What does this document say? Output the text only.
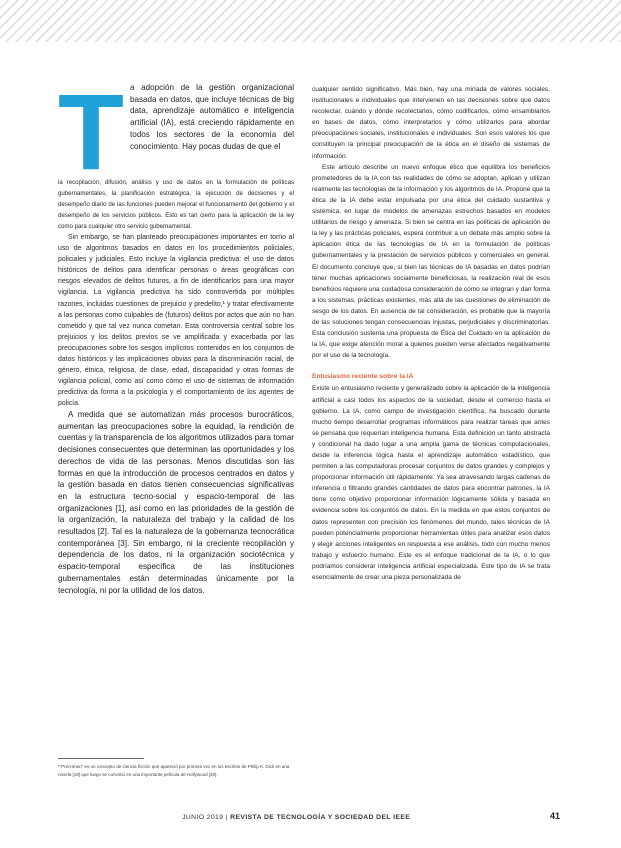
T a adopción de la gestión organizacional basada en datos, que incluye técnicas de big data, aprendizaje automático e inteligencia artificial (IA), está creciendo rápidamente en todos los sectores de la economía del conocimiento. Hay pocas dudas de que el

la recopilación, difusión, análisis y uso de datos en la formulación de políticas gubernamentales, la planificación estratégica, la ejecución de decisiones y el desempeño diario de las funciones pueden mejorar el funcionamiento del gobierno y el desempeño de los servicios públicos. Esto es tan cierto para la aplicación de la ley como para cualquier otro servicio gubernamental.

Sin embargo, se han planteado preocupaciones importantes en torno al uso de algoritmos basados en datos en los procedimientos policiales, policiales y judiciales. Esto incluye la vigilancia predictiva: el uso de datos históricos de delitos para identificar personas o áreas geográficas con riesgos elevados de delitos futuros, a fin de identificarlos para una mayor vigilancia. La vigilancia predictiva ha sido controvertida por múltiples razones, incluidas cuestiones de prejuicio y predelito,¹ y tratar efectivamente a las personas como culpables de (futuros) delitos por actos que aún no han cometido y que tal vez nunca cometan. Esta controversia central sobre los prejuicios y los delitos previos se ve amplificada y exacerbada por las preocupaciones sobre los sesgos implícitos contenidos en los conjuntos de datos históricos y las implicaciones obvias para la discriminación racial, de género, étnica, religiosa, de clase, edad, discapacidad y otras formas de vigilancia policial, como así como cómo el uso de sistemas de información predictiva da forma a la psicología y el comportamiento de los agentes de policía.

A medida que se automatizan más procesos burocráticos, aumentan las preocupaciones sobre la equidad, la rendición de cuentas y la transparencia de los algoritmos utilizados para tomar decisiones consecuentes que determinan las oportunidades y los derechos de vida de las personas. Menos discutidas son las formas en que la introducción de procesos centrados en datos y la gestión basada en datos tienen consecuencias significativas en la estructura tecno-social y espacio-temporal de las organizaciones [1], así como en las prioridades de la gestión de la organización, la naturaleza del trabajo y la calidad de los resultados [2]. Tal es la naturaleza de la gobernanza tecnocrática contemporánea [3]. Sin embargo, ni la creciente recopilación y dependencia de los datos, ni la organización sociotécnica y espacio-temporal específica de las instituciones gubernamentales están determinadas únicamente por la tecnología, ni por la utilidad de los datos.

¹"Precrimen" es un concepto de ciencia ficción que apareció por primera vez en los escritos de Philip K. Dick en una novela [19] que luego se convirtió en una importante película de Hollywood [20].

cualquier sentido significativo. Más bien, hay una miríada de valores sociales, institucionales e individuales que intervienen en las decisiones sobre qué datos recolectar, cuándo y dónde recolectarlos, cómo codificarlos, cómo ensamblarlos en bases de datos, cómo interpretarlos y cómo utilizarlos para abordar preocupaciones sociales, institucionales e individuales. Son esos valores los que constituyen la principal preocupación de la ética en el diseño de sistemas de información.

Este artículo describe un nuevo enfoque ético que equilibra los beneficios prometedores de la IA con las realidades de cómo se adoptan, aplican y utilizan realmente las tecnologías de la información y los algoritmos de IA. Propone que la ética de la IA debe estar impulsada por una ética del cuidado sustantiva y sistémica, en lugar de modelos de amenazas estrechos basados en modelos utilitarios de riesgo y amenaza. Si bien se centra en las políticas de aplicación de la ley y las prácticas policiales, espera contribuir a un debate más amplio sobre la aplicación ética de las tecnologías de IA en la formulación de políticas gubernamentales y la prestación de servicios públicos y comerciales en general. El documento concluye que, si bien las técnicas de IA basadas en datos podrían tener muchas aplicaciones socialmente beneficiosas, la realización real de esos beneficios requiere una cuidadosa consideración de cómo se integran y dan forma a los sistemas. prácticas existentes, más allá de las cuestiones de eliminación de sesgo de los datos. En ausencia de tal consideración, es probable que la mayoría de las soluciones tengan consecuencias injustas, perjudiciales y discriminatorias. Esta conclusión sustenta una propuesta de Ética del Cuidado en la aplicación de la IA, que exige atención moral a quienes pueden verse afectados negativamente por el uso de la tecnología.

Entusiasmo reciente sobre la IA

Existe un entusiasmo reciente y generalizado sobre la aplicación de la inteligencia artificial a casi todos los aspectos de la sociedad, desde el comercio hasta el gobierno. La IA, como campo de investigación científica, ha buscado durante mucho tiempo desarrollar programas informáticos para realizar tareas que antes se pensaba que requerían inteligencia humana. Esta definición un tanto abstracta y condicional ha dado lugar a una amplia gama de técnicas computacionales, desde la inferencia lógica hasta el aprendizaje automático estadístico, que permiten a las computadoras procesar conjuntos de datos grandes y complejos y proporcionar información útil rápidamente. Ya sea atravesando largas cadenas de inferencia o filtrando grandes cantidades de datos para encontrar patrones, la IA tiene como objetivo proporcionar información lógicamente sólida y basada en evidencia sobre los conjuntos de datos. En la medida en que estos conjuntos de datos representen con precisión los fenómenos del mundo, tales técnicas de IA pueden potencialmente proporcionar herramientas útiles para analizar esos datos y elegir acciones inteligentes en respuesta a ese análisis, todo con mucho menos trabajo y esfuerzo humano. Este es el enfoque tradicional de la IA, o lo que podríamos considerar inteligencia artificial especializada. Este tipo de IA se trata esencialmente de crear una pieza personalizada de

JUNIO 2019 | REVISTA DE TECNOLOGÍA Y SOCIEDAD DEL IEEE	41
